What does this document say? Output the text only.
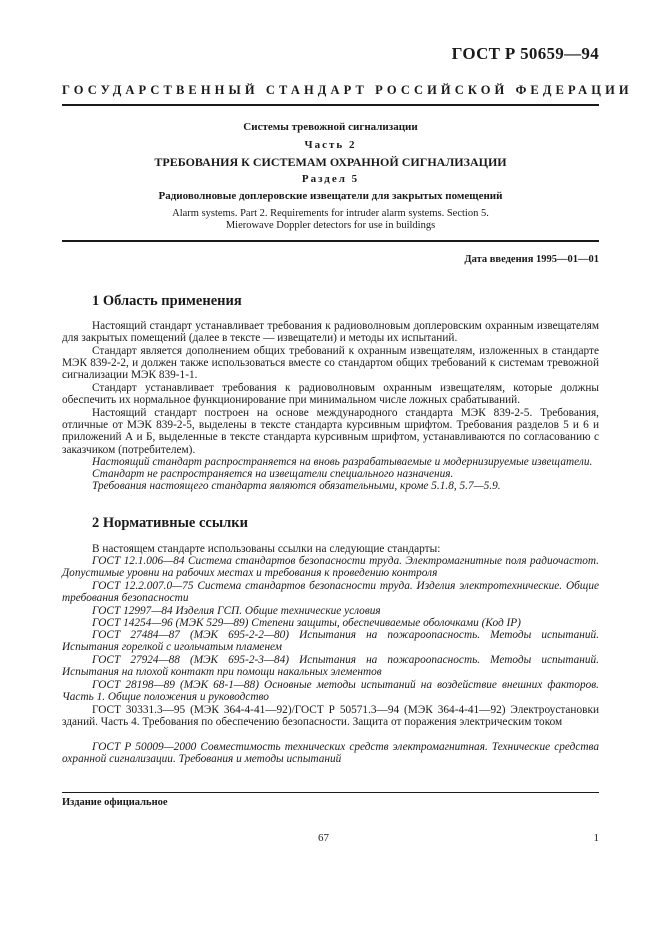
ГОСТ Р 50659—94
ГОСУДАРСТВЕННЫЙ СТАНДАРТ РОССИЙСКОЙ ФЕДЕРАЦИИ
Системы тревожной сигнализации
Часть 2
ТРЕБОВАНИЯ К СИСТЕМАМ ОХРАННОЙ СИГНАЛИЗАЦИИ
Раздел 5
Радиоволновые доплеровские извещатели для закрытых помещений
Alarm systems. Part 2. Requirements for intruder alarm systems. Section 5.
Mierowave Doppler detectors for use in buildings
Дата введения 1995—01—01
1 Область применения
Настоящий стандарт устанавливает требования к радиоволновым доплеровским охранным извещателям для закрытых помещений (далее в тексте — извещатели) и методы их испытаний.
Стандарт является дополнением общих требований к охранным извещателям, изложенных в стандарте МЭК 839-2-2, и должен также использоваться вместе со стандартом общих требований к системам тревожной сигнализации МЭК 839-1-1.
Стандарт устанавливает требования к радиоволновым охранным извещателям, которые должны обеспечить их нормальное функционирование при минимальном числе ложных срабатываний.
Настоящий стандарт построен на основе международного стандарта МЭК 839-2-5. Требования, отличные от МЭК 839-2-5, выделены в тексте стандарта курсивным шрифтом. Требования разделов 5 и 6 и приложений А и Б, выделенные в тексте стандарта курсивным шрифтом, устанавливаются по согласованию с заказчиком (потребителем).
Настоящий стандарт распространяется на вновь разрабатываемые и модернизируемые извещатели.
Стандарт не распространяется на извещатели специального назначения.
Требования настоящего стандарта являются обязательными, кроме 5.1.8, 5.7—5.9.
2 Нормативные ссылки
В настоящем стандарте использованы ссылки на следующие стандарты:
ГОСТ 12.1.006—84 Система стандартов безопасности труда. Электромагнитные поля радиочастот. Допустимые уровни на рабочих местах и требования к проведению контроля
ГОСТ 12.2.007.0—75 Система стандартов безопасности труда. Изделия электротехнические. Общие требования безопасности
ГОСТ 12997—84 Изделия ГСП. Общие технические условия
ГОСТ 14254—96 (МЭК 529—89) Степени защиты, обеспечиваемые оболочками (Код IP)
ГОСТ 27484—87 (МЭК 695-2-2—80) Испытания на пожароопасность. Методы испытаний. Испытания горелкой с игольчатым пламенем
ГОСТ 27924—88 (МЭК 695-2-3—84) Испытания на пожароопасность. Методы испытаний. Испытания на плохой контакт при помощи накальных элементов
ГОСТ 28198—89 (МЭК 68-1—88) Основные методы испытаний на воздействие внешних факторов. Часть 1. Общие положения и руководство
ГОСТ 30331.3—95 (МЭК 364-4-41—92)/ГОСТ Р 50571.3—94 (МЭК 364-4-41—92) Электроустановки зданий. Часть 4. Требования по обеспечению безопасности. Защита от поражения электрическим током
ГОСТ Р 50009—2000 Совместимость технических средств электромагнитная. Технические средства охранной сигнализации. Требования и методы испытаний
Издание официальное
67	1
